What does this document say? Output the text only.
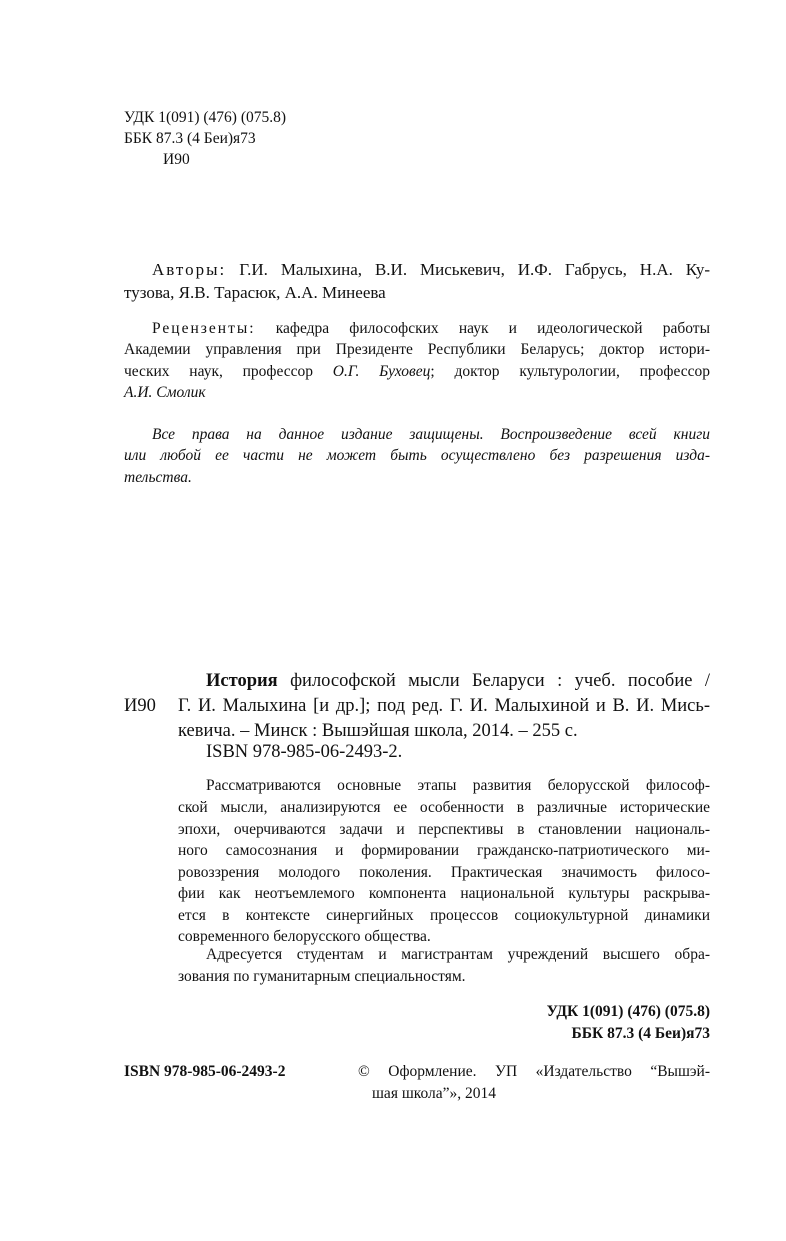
УДК 1(091) (476) (075.8)
ББК 87.3 (4 Беи)я73
И90
Авторы: Г.И. Малыхина, В.И. Миськевич, И.Ф. Габрусь, Н.А. Ку-
тузова, Я.В. Тарасюк, А.А. Минеева
Рецензенты: кафедра философских наук и идеологической работы
Академии управления при Президенте Республики Беларусь; доктор истори-
ческих наук, профессор О.Г. Буховец; доктор культурологии, профессор
А.И. Смолик
Все права на данное издание защищены. Воспроизведение всей книги
или любой ее части не может быть осуществлено без разрешения изда-
тельства.
И90
История философской мысли Беларуси : учеб. пособие /
Г. И. Малыхина [и др.]; под ред. Г. И. Малыхиной и В. И. Мись-
кевича. – Минск : Вышэйшая школа, 2014. – 255 с.
ISBN 978-985-06-2493-2.
Рассматриваются основные этапы развития белорусской философ-
ской мысли, анализируются ее особенности в различные исторические
эпохи, очерчиваются задачи и перспективы в становлении националь-
ного самосознания и формировании гражданско-патриотического ми-
ровоззрения молодого поколения. Практическая значимость филосо-
фии как неотъемлемого компонента национальной культуры раскрыва-
ется в контексте синергийных процессов социокультурной динамики
современного белорусского общества.
Адресуется студентам и магистрантам учреждений высшего обра-
зования по гуманитарным специальностям.
УДК 1(091) (476) (075.8)
ББК 87.3 (4 Беи)я73
ISBN 978-985-06-2493-2	© Оформление. УП «Издательство “Вышэй-
шая школа”», 2014
